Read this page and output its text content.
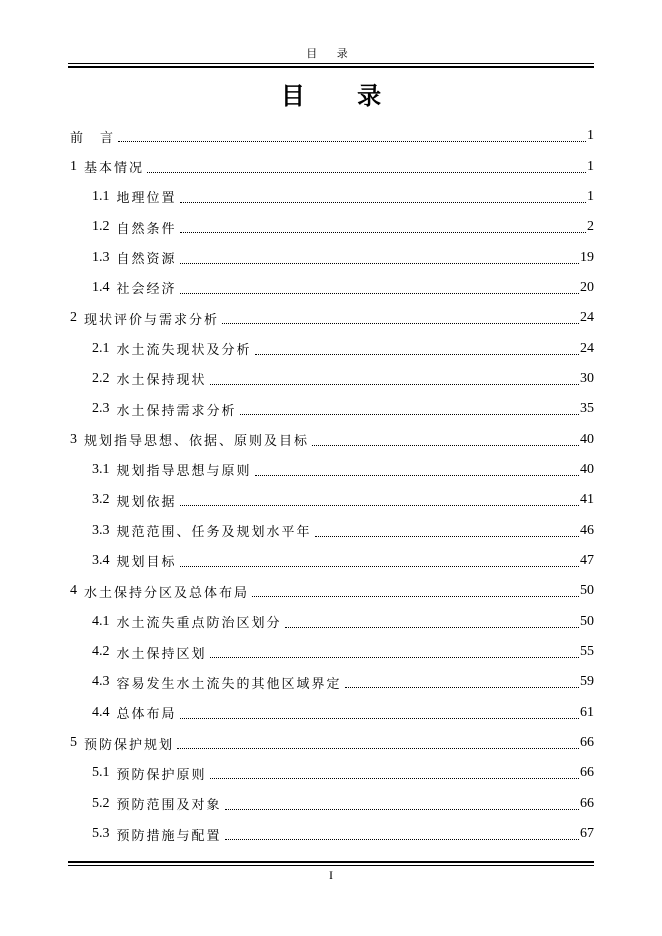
目 录
目 录
前　言	1
1 基本情况	1
1.1 地理位置	1
1.2 自然条件	2
1.3 自然资源	19
1.4 社会经济	20
2 现状评价与需求分析	24
2.1 水土流失现状及分析	24
2.2 水土保持现状	30
2.3 水土保持需求分析	35
3 规划指导思想、依据、原则及目标	40
3.1 规划指导思想与原则	40
3.2 规划依据	41
3.3 规范范围、任务及规划水平年	46
3.4 规划目标	47
4 水土保持分区及总体布局	50
4.1 水土流失重点防治区划分	50
4.2 水土保持区划	55
4.3 容易发生水土流失的其他区域界定	59
4.4 总体布局	61
5 预防保护规划	66
5.1 预防保护原则	66
5.2 预防范围及对象	66
5.3 预防措施与配置	67
I
